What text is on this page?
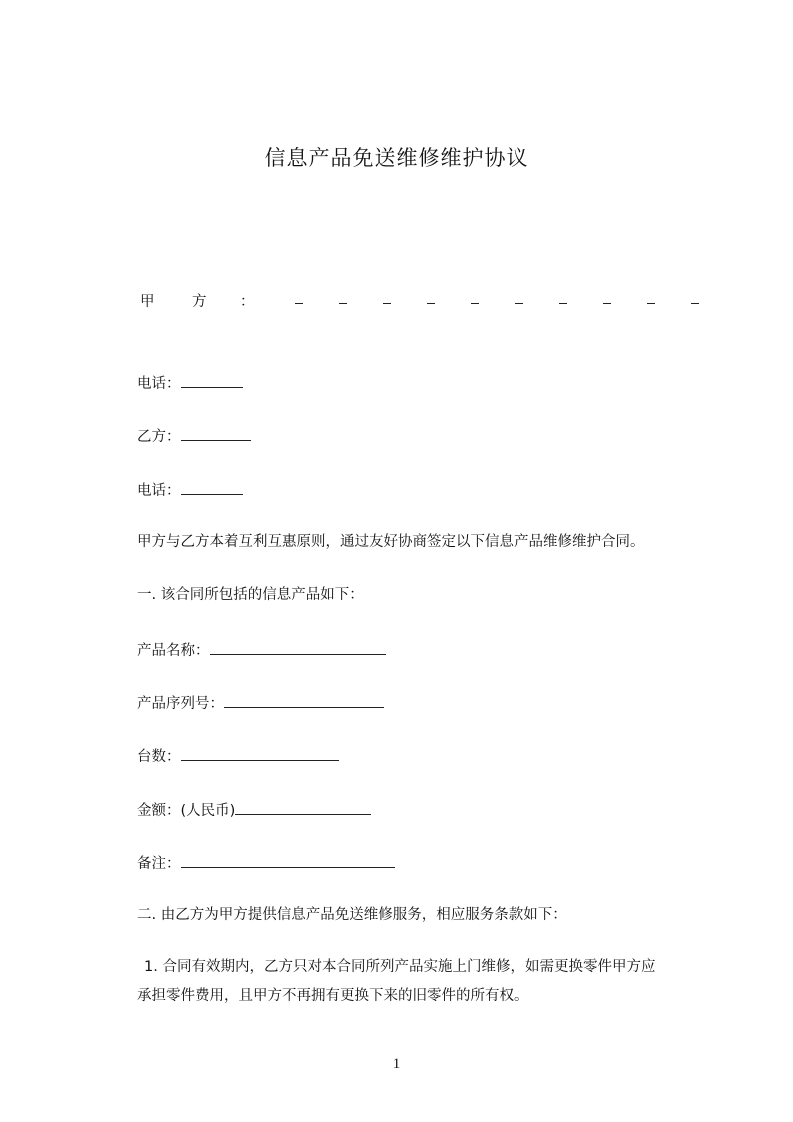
信息产品免送维修维护协议
甲	方 ：
电话：
乙方：
电话：
甲方与乙方本着互利互惠原则，通过友好协商签定以下信息产品维修维护合同。
一. 该合同所包括的信息产品如下：
产品名称：
产品序列号：
台数：
金额：(人民币)
备注：
二. 由乙方为甲方提供信息产品免送维修服务，相应服务条款如下：
1. 合同有效期内，乙方只对本合同所列产品实施上门维修，如需更换零件甲方应
承担零件费用，且甲方不再拥有更换下来的旧零件的所有权。
1
